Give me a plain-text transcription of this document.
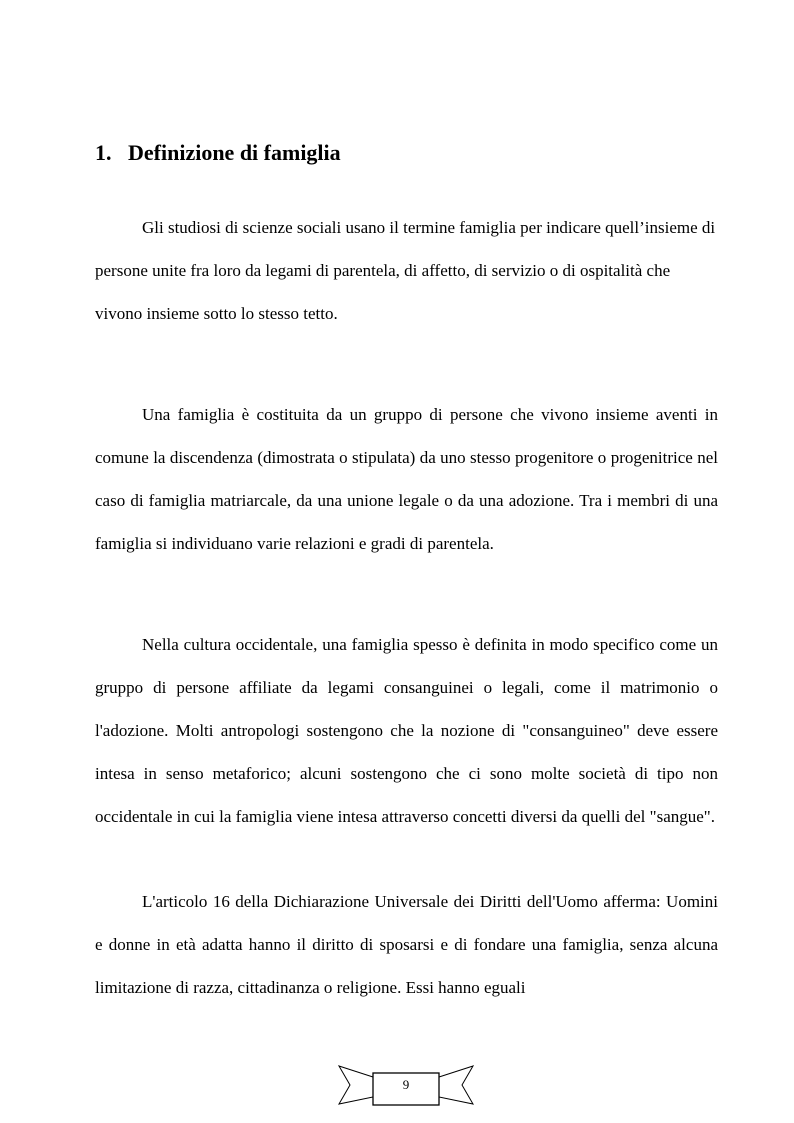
1. Definizione di famiglia

Gli studiosi di scienze sociali usano il termine famiglia per indicare quell’insieme di persone unite fra loro da legami di parentela, di affetto, di servizio o di ospitalità che vivono insieme sotto lo stesso tetto.

Una famiglia è costituita da un gruppo di persone che vivono insieme aventi in comune la discendenza (dimostrata o stipulata) da uno stesso progenitore o progenitrice nel caso di famiglia matriarcale, da una unione legale o da una adozione. Tra i membri di una famiglia si individuano varie relazioni e gradi di parentela.

Nella cultura occidentale, una famiglia spesso è definita in modo specifico come un gruppo di persone affiliate da legami consanguinei o legali, come il matrimonio o l'adozione. Molti antropologi sostengono che la nozione di "consanguineo" deve essere intesa in senso metaforico; alcuni sostengono che ci sono molte società di tipo non occidentale in cui la famiglia viene intesa attraverso concetti diversi da quelli del "sangue".

L'articolo 16 della Dichiarazione Universale dei Diritti dell'Uomo afferma: Uomini e donne in età adatta hanno il diritto di sposarsi e di fondare una famiglia, senza alcuna limitazione di razza, cittadinanza o religione. Essi hanno eguali

9
